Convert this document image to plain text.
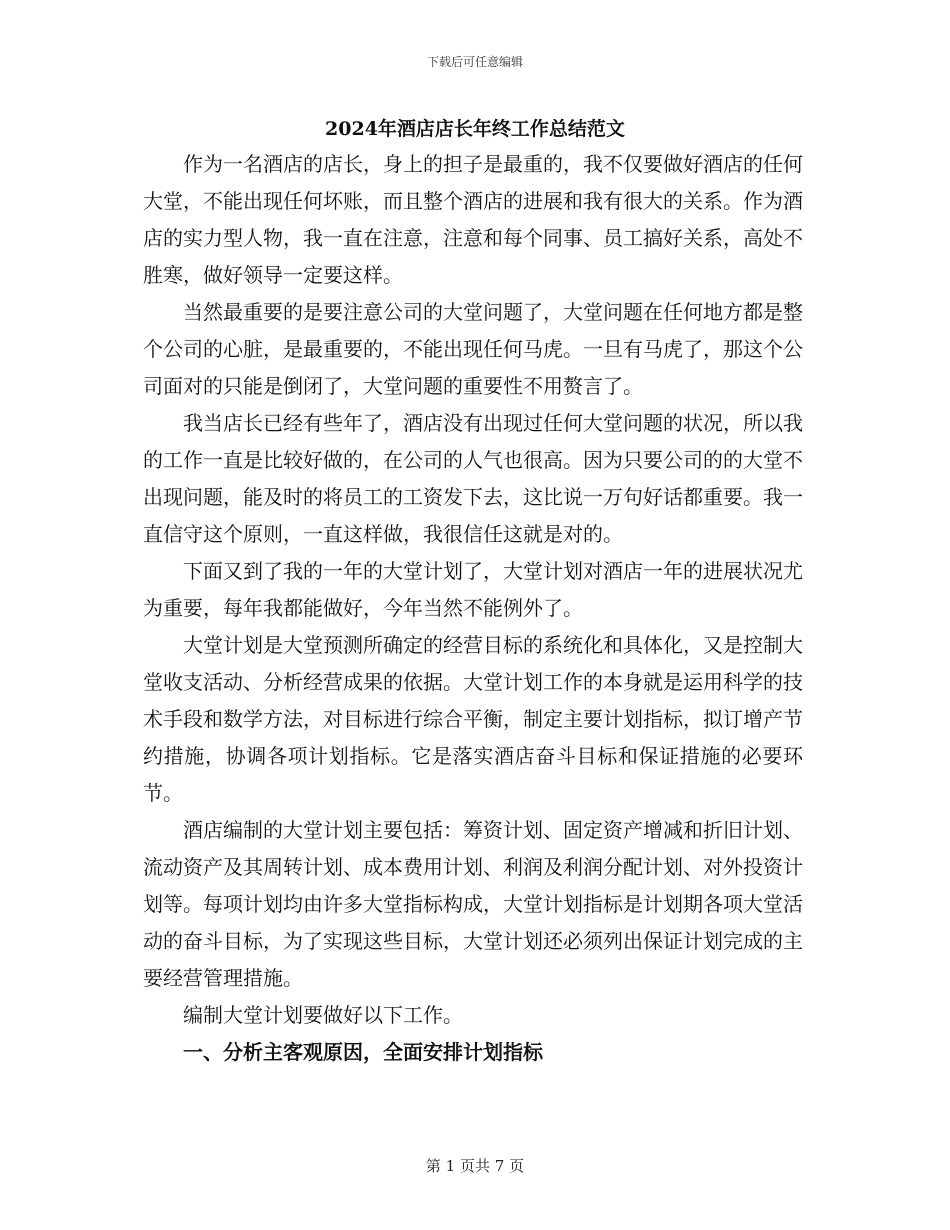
下载后可任意编辑
2024年酒店店长年终工作总结范文

作为一名酒店的店长，身上的担子是最重的，我不仅要做好酒店的任何大堂，不能出现任何坏账，而且整个酒店的进展和我有很大的关系。作为酒店的实力型人物，我一直在注意，注意和每个同事、员工搞好关系，高处不胜寒，做好领导一定要这样。

当然最重要的是要注意公司的大堂问题了，大堂问题在任何地方都是整个公司的心脏，是最重要的，不能出现任何马虎。一旦有马虎了，那这个公司面对的只能是倒闭了，大堂问题的重要性不用赘言了。

我当店长已经有些年了，酒店没有出现过任何大堂问题的状况，所以我的工作一直是比较好做的，在公司的人气也很高。因为只要公司的的大堂不出现问题，能及时的将员工的工资发下去，这比说一万句好话都重要。我一直信守这个原则，一直这样做，我很信任这就是对的。

下面又到了我的一年的大堂计划了，大堂计划对酒店一年的进展状况尤为重要，每年我都能做好，今年当然不能例外了。

大堂计划是大堂预测所确定的经营目标的系统化和具体化，又是控制大堂收支活动、分析经营成果的依据。大堂计划工作的本身就是运用科学的技术手段和数学方法，对目标进行综合平衡，制定主要计划指标，拟订增产节约措施，协调各项计划指标。它是落实酒店奋斗目标和保证措施的必要环节。

酒店编制的大堂计划主要包括：筹资计划、固定资产增减和折旧计划、流动资产及其周转计划、成本费用计划、利润及利润分配计划、对外投资计划等。每项计划均由许多大堂指标构成，大堂计划指标是计划期各项大堂活动的奋斗目标，为了实现这些目标，大堂计划还必须列出保证计划完成的主要经营管理措施。

编制大堂计划要做好以下工作。

一、分析主客观原因，全面安排计划指标
第 1 页共 7 页
